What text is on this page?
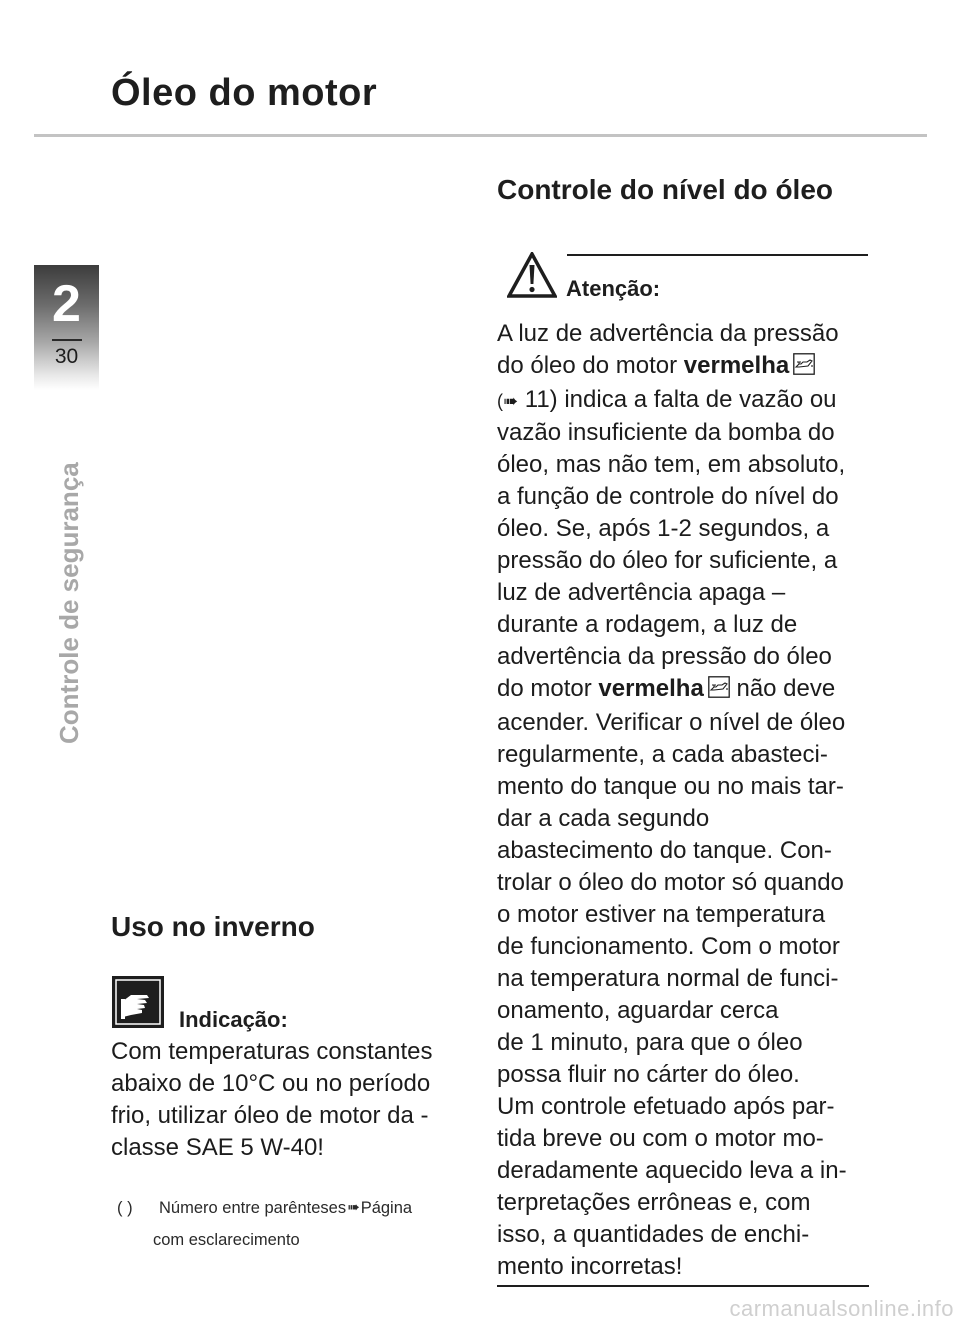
Óleo do motor
2
30
Controle de segurança
Uso no inverno
Indicação:
Com temperaturas constantes abaixo de 10°C ou no período frio, utilizar óleo de motor da -classe SAE 5 W-40!
( )	Número entre parênteses ➠ Página
com esclarecimento
Controle do nível do óleo
Atenção:
A luz de advertência da pressão
do óleo do motor vermelha
(➠ 11) indica a falta de vazão ou
vazão insuficiente da bomba do
óleo, mas não tem, em absoluto,
a função de controle do nível do
óleo. Se, após 1-2 segundos, a
pressão do óleo for suficiente, a
luz de advertência apaga –
durante a rodagem, a luz de
advertência da pressão do óleo
do motor vermelha não deve
acender. Verificar o nível de óleo
regularmente, a cada abasteci-
mento do tanque ou no mais tar-
dar a cada segundo
abastecimento do tanque. Con-
trolar o óleo do motor só quando
o motor estiver na temperatura
de funcionamento. Com o motor
na temperatura normal de funci-
onamento, aguardar cerca
de 1 minuto, para que o óleo
possa fluir no cárter do óleo.
Um controle efetuado após par-
tida breve ou com o motor mo-
deradamente aquecido leva a in-
terpretações errôneas e, com
isso, a quantidades de enchi-
mento incorretas!
carmanualsonline.info
